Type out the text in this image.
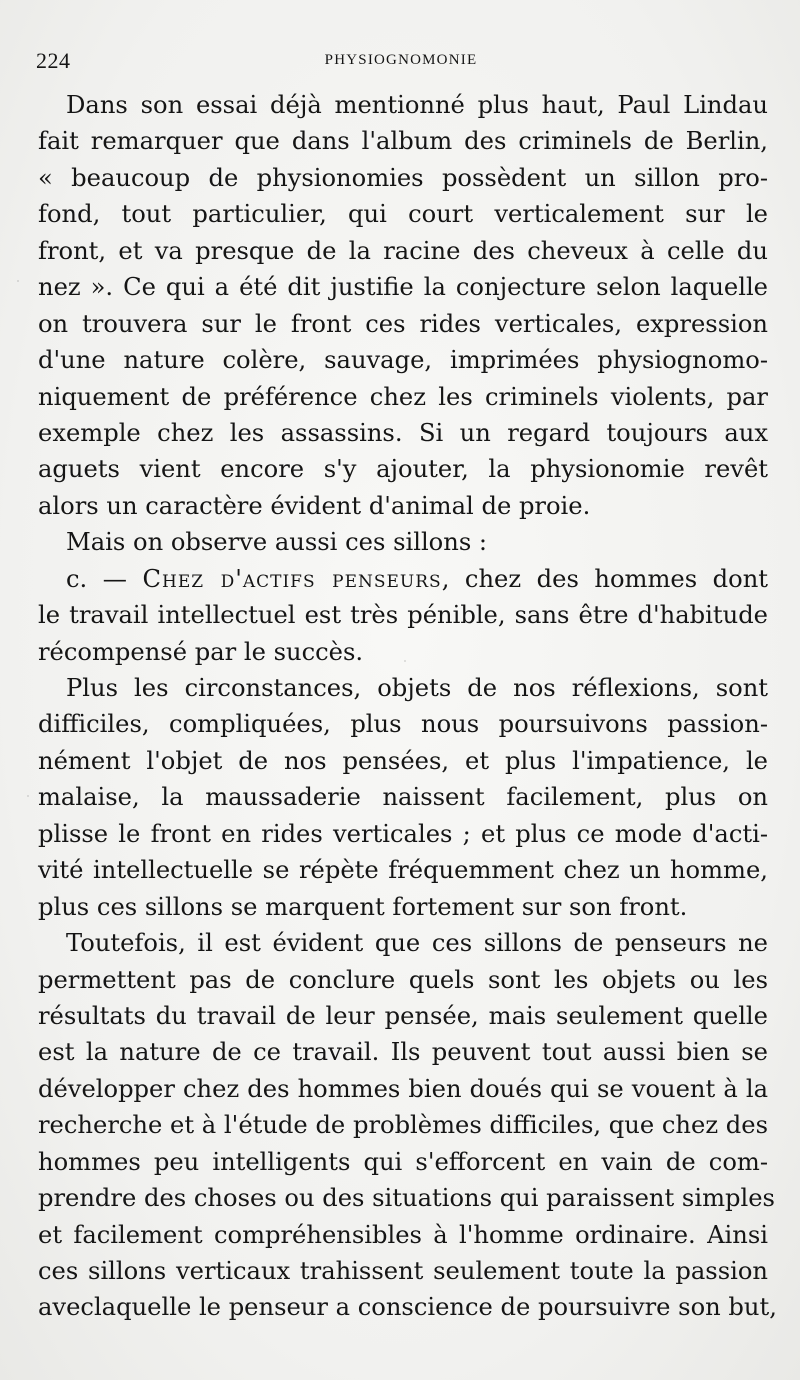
224	PHYSIOGNOMONIE
Dans son essai déjà mentionné plus haut, Paul Lindau
fait remarquer que dans l'album des criminels de Berlin,
« beaucoup de physionomies possèdent un sillon pro-
fond, tout particulier, qui court verticalement sur le
front, et va presque de la racine des cheveux à celle du
nez ». Ce qui a été dit justifie la conjecture selon laquelle
on trouvera sur le front ces rides verticales, expression
d'une nature colère, sauvage, imprimées physiognomo-
niquement de préférence chez les criminels violents, par
exemple chez les assassins. Si un regard toujours aux
aguets vient encore s'y ajouter, la physionomie revêt
alors un caractère évident d'animal de proie.
Mais on observe aussi ces sillons :
c. — Chez d'actifs penseurs, chez des hommes dont
le travail intellectuel est très pénible, sans être d'habitude
récompensé par le succès.
Plus les circonstances, objets de nos réflexions, sont
difficiles, compliquées, plus nous poursuivons passion-
nément l'objet de nos pensées, et plus l'impatience, le
malaise, la maussaderie naissent facilement, plus on
plisse le front en rides verticales ; et plus ce mode d'acti-
vité intellectuelle se répète fréquemment chez un homme,
plus ces sillons se marquent fortement sur son front.
Toutefois, il est évident que ces sillons de penseurs ne
permettent pas de conclure quels sont les objets ou les
résultats du travail de leur pensée, mais seulement quelle
est la nature de ce travail. Ils peuvent tout aussi bien se
développer chez des hommes bien doués qui se vouent à la
recherche et à l'étude de problèmes difficiles, que chez des
hommes peu intelligents qui s'efforcent en vain de com-
prendre des choses ou des situations qui paraissent simples
et facilement compréhensibles à l'homme ordinaire. Ainsi
ces sillons verticaux trahissent seulement toute la passion
aveclaquelle le penseur a conscience de poursuivre son but,
